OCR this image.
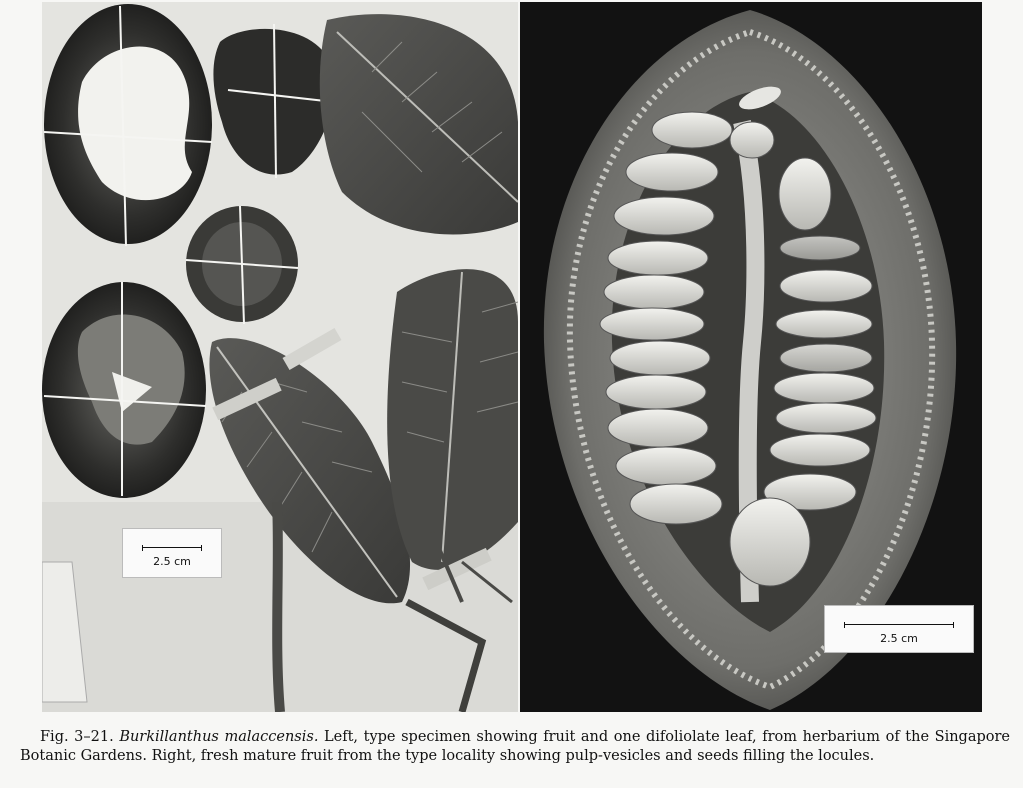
2.5 cm
2.5 cm
Fig. 3–21. Burkillanthus malaccensis. Left, type specimen showing fruit and one difoliolate leaf, from herbarium of the Singapore Botanic Gardens. Right, fresh mature fruit from the type locality showing pulp-vesicles and seeds filling the locules.
